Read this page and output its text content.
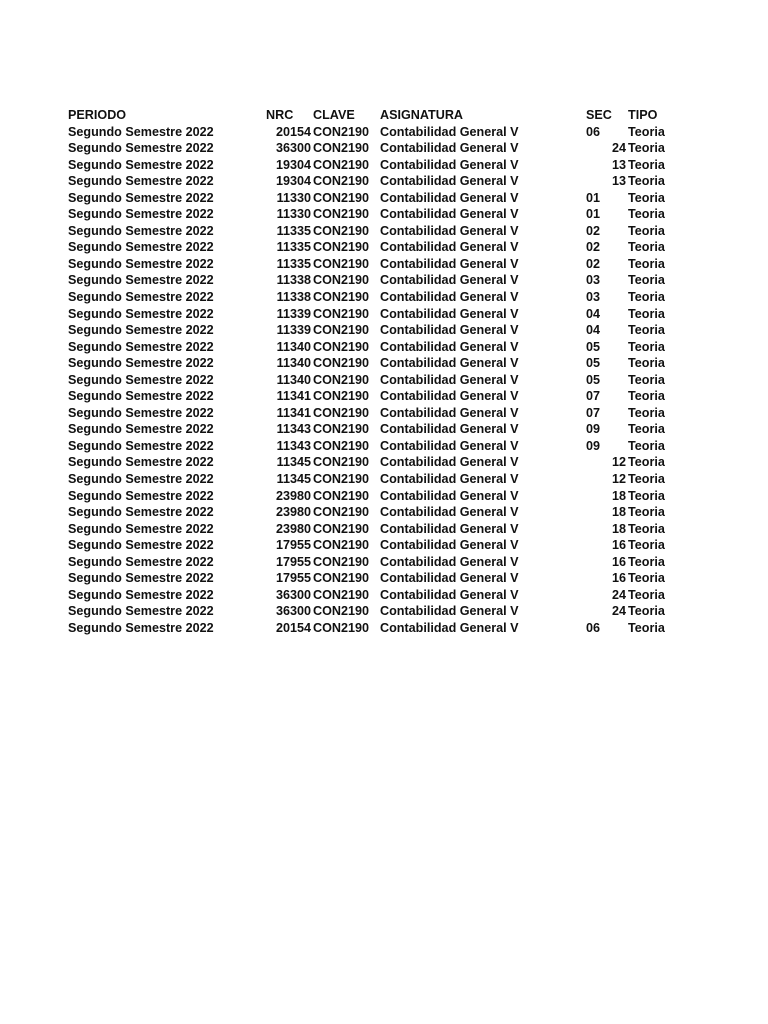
PERIODO	NRC CLAVE ASIGNATURA	SEC TIPO
Segundo Semestre 2022	20154 CON2190 Contabilidad General V	06 Teoria
Segundo Semestre 2022	36300 CON2190 Contabilidad General V	24 Teoria
Segundo Semestre 2022	19304 CON2190 Contabilidad General V	13 Teoria
Segundo Semestre 2022	19304 CON2190 Contabilidad General V	13 Teoria
Segundo Semestre 2022	11330 CON2190 Contabilidad General V	01 Teoria
Segundo Semestre 2022	11330 CON2190 Contabilidad General V	01 Teoria
Segundo Semestre 2022	11335 CON2190 Contabilidad General V	02 Teoria
Segundo Semestre 2022	11335 CON2190 Contabilidad General V	02 Teoria
Segundo Semestre 2022	11335 CON2190 Contabilidad General V	02 Teoria
Segundo Semestre 2022	11338 CON2190 Contabilidad General V	03 Teoria
Segundo Semestre 2022	11338 CON2190 Contabilidad General V	03 Teoria
Segundo Semestre 2022	11339 CON2190 Contabilidad General V	04 Teoria
Segundo Semestre 2022	11339 CON2190 Contabilidad General V	04 Teoria
Segundo Semestre 2022	11340 CON2190 Contabilidad General V	05 Teoria
Segundo Semestre 2022	11340 CON2190 Contabilidad General V	05 Teoria
Segundo Semestre 2022	11340 CON2190 Contabilidad General V	05 Teoria
Segundo Semestre 2022	11341 CON2190 Contabilidad General V	07 Teoria
Segundo Semestre 2022	11341 CON2190 Contabilidad General V	07 Teoria
Segundo Semestre 2022	11343 CON2190 Contabilidad General V	09 Teoria
Segundo Semestre 2022	11343 CON2190 Contabilidad General V	09 Teoria
Segundo Semestre 2022	11345 CON2190 Contabilidad General V	12 Teoria
Segundo Semestre 2022	11345 CON2190 Contabilidad General V	12 Teoria
Segundo Semestre 2022	23980 CON2190 Contabilidad General V	18 Teoria
Segundo Semestre 2022	23980 CON2190 Contabilidad General V	18 Teoria
Segundo Semestre 2022	23980 CON2190 Contabilidad General V	18 Teoria
Segundo Semestre 2022	17955 CON2190 Contabilidad General V	16 Teoria
Segundo Semestre 2022	17955 CON2190 Contabilidad General V	16 Teoria
Segundo Semestre 2022	17955 CON2190 Contabilidad General V	16 Teoria
Segundo Semestre 2022	36300 CON2190 Contabilidad General V	24 Teoria
Segundo Semestre 2022	36300 CON2190 Contabilidad General V	24 Teoria
Segundo Semestre 2022	20154 CON2190 Contabilidad General V	06 Teoria
